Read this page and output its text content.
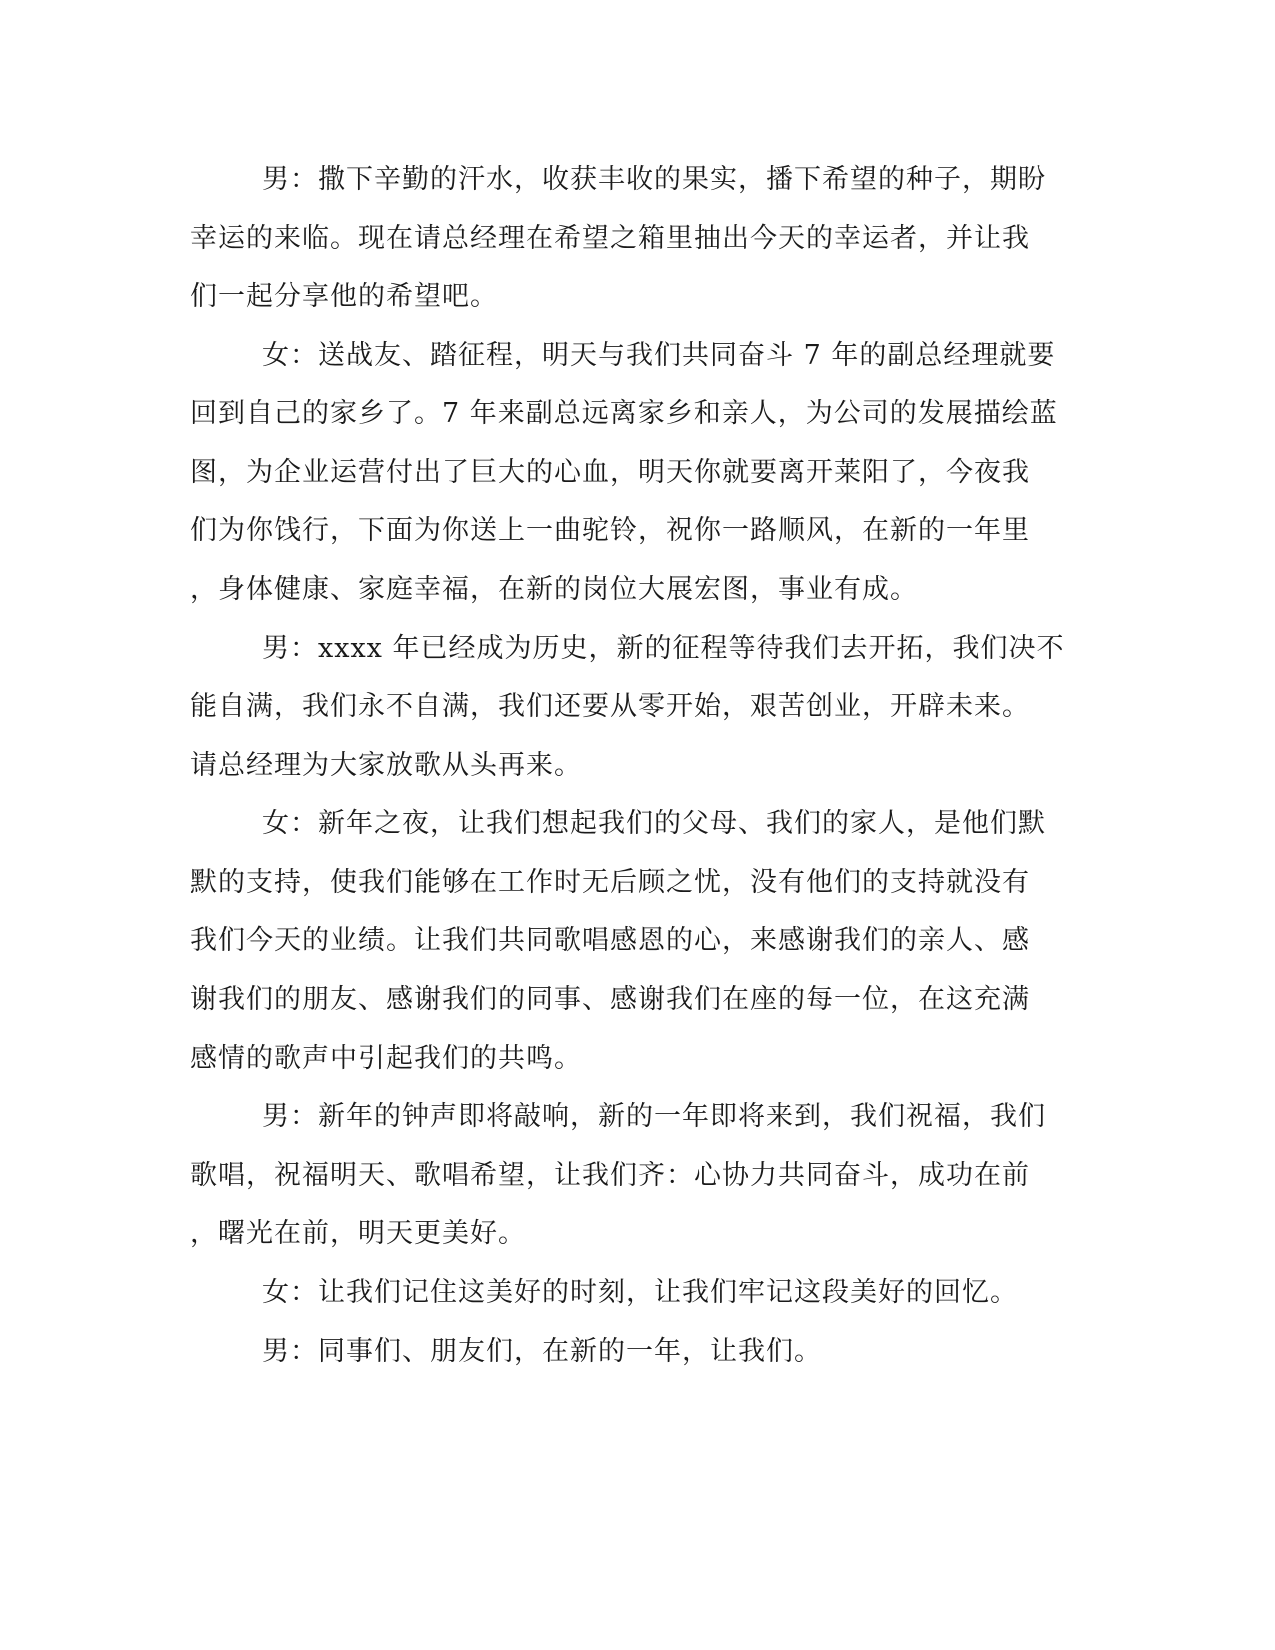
男：撒下辛勤的汗水，收获丰收的果实，播下希望的种子，期盼
幸运的来临。现在请总经理在希望之箱里抽出今天的幸运者，并让我
们一起分享他的希望吧。
女：送战友、踏征程，明天与我们共同奋斗 7 年的副总经理就要
回到自己的家乡了。7 年来副总远离家乡和亲人，为公司的发展描绘蓝
图，为企业运营付出了巨大的心血，明天你就要离开莱阳了，今夜我
们为你饯行，下面为你送上一曲驼铃，祝你一路顺风，在新的一年里
，身体健康、家庭幸福，在新的岗位大展宏图，事业有成。
男：xxxx 年已经成为历史，新的征程等待我们去开拓，我们决不
能自满，我们永不自满，我们还要从零开始，艰苦创业，开辟未来。
请总经理为大家放歌从头再来。
女：新年之夜，让我们想起我们的父母、我们的家人，是他们默
默的支持，使我们能够在工作时无后顾之忧，没有他们的支持就没有
我们今天的业绩。让我们共同歌唱感恩的心，来感谢我们的亲人、感
谢我们的朋友、感谢我们的同事、感谢我们在座的每一位，在这充满
感情的歌声中引起我们的共鸣。
男：新年的钟声即将敲响，新的一年即将来到，我们祝福，我们
歌唱，祝福明天、歌唱希望，让我们齐：心协力共同奋斗，成功在前
，曙光在前，明天更美好。
女：让我们记住这美好的时刻，让我们牢记这段美好的回忆。
男：同事们、朋友们，在新的一年，让我们。
